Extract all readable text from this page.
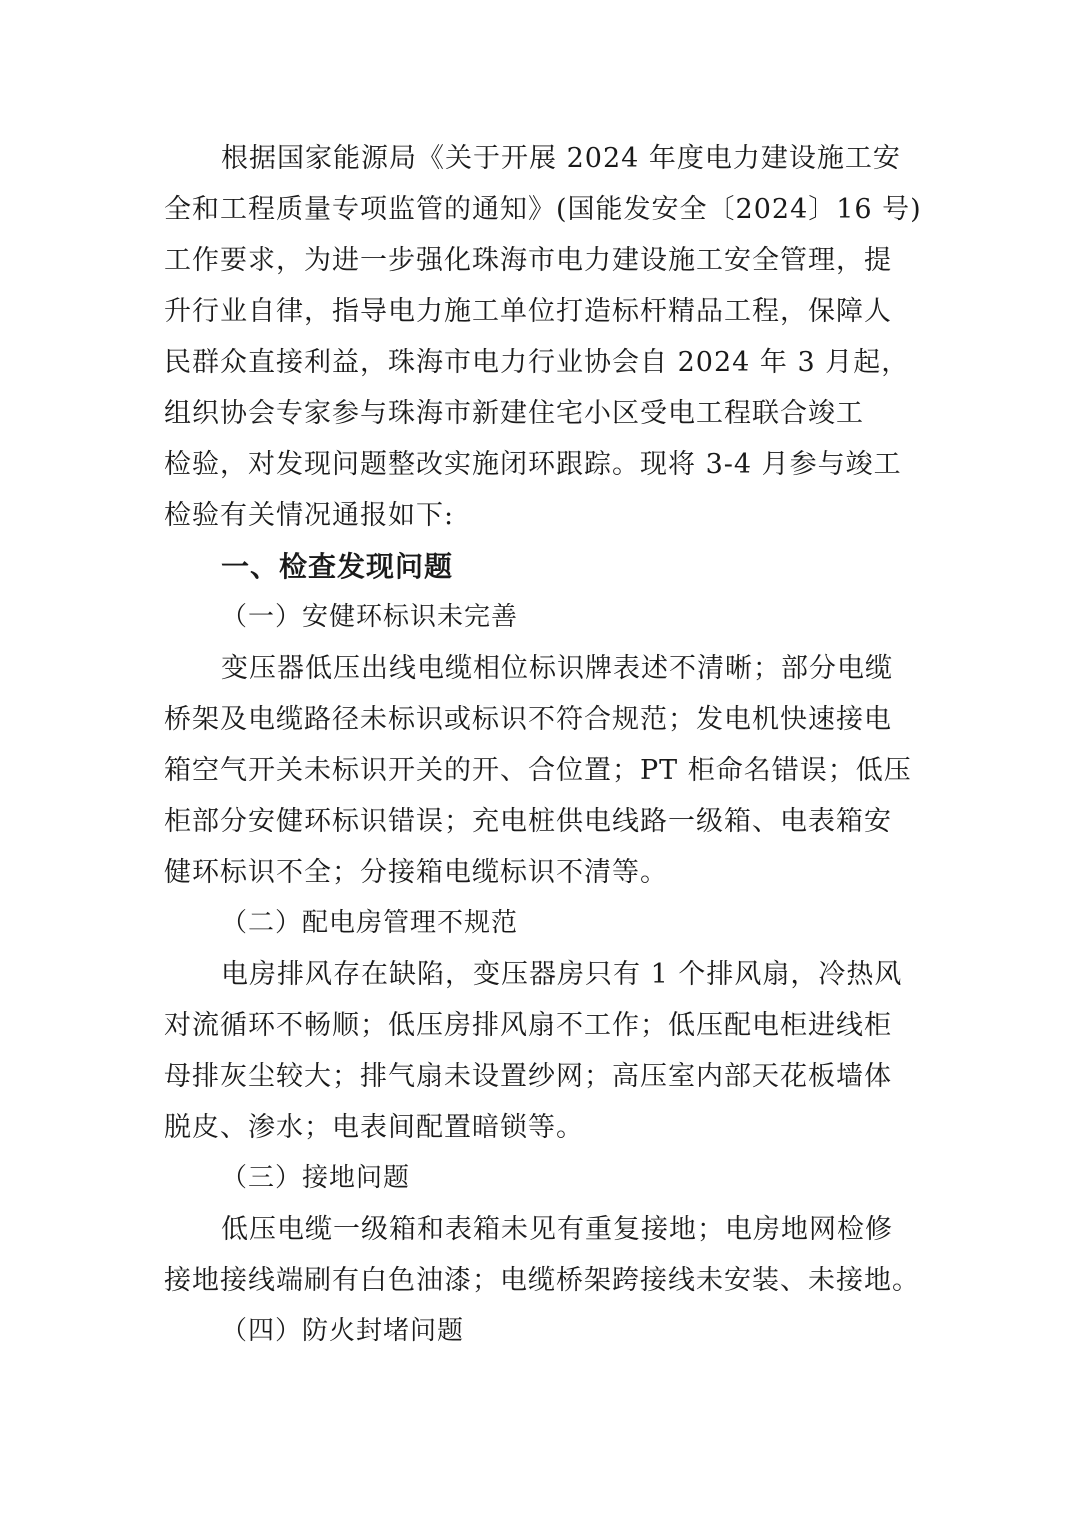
根据国家能源局《关于开展 2024 年度电力建设施工安
全和工程质量专项监管的通知》(国能发安全〔2024〕16 号)
工作要求，为进一步强化珠海市电力建设施工安全管理，提
升行业自律，指导电力施工单位打造标杆精品工程，保障人
民群众直接利益，珠海市电力行业协会自 2024 年 3 月起，
组织协会专家参与珠海市新建住宅小区受电工程联合竣工
检验，对发现问题整改实施闭环跟踪。现将 3-4 月参与竣工
检验有关情况通报如下:
一、检查发现问题
（一）安健环标识未完善
变压器低压出线电缆相位标识牌表述不清晰；部分电缆
桥架及电缆路径未标识或标识不符合规范；发电机快速接电
箱空气开关未标识开关的开、合位置；PT 柜命名错误；低压
柜部分安健环标识错误；充电桩供电线路一级箱、电表箱安
健环标识不全；分接箱电缆标识不清等。
（二）配电房管理不规范
电房排风存在缺陷，变压器房只有 1 个排风扇，冷热风
对流循环不畅顺；低压房排风扇不工作；低压配电柜进线柜
母排灰尘较大；排气扇未设置纱网；高压室内部天花板墙体
脱皮、渗水；电表间配置暗锁等。
（三）接地问题
低压电缆一级箱和表箱未见有重复接地；电房地网检修
接地接线端刷有白色油漆；电缆桥架跨接线未安装、未接地。
（四）防火封堵问题
